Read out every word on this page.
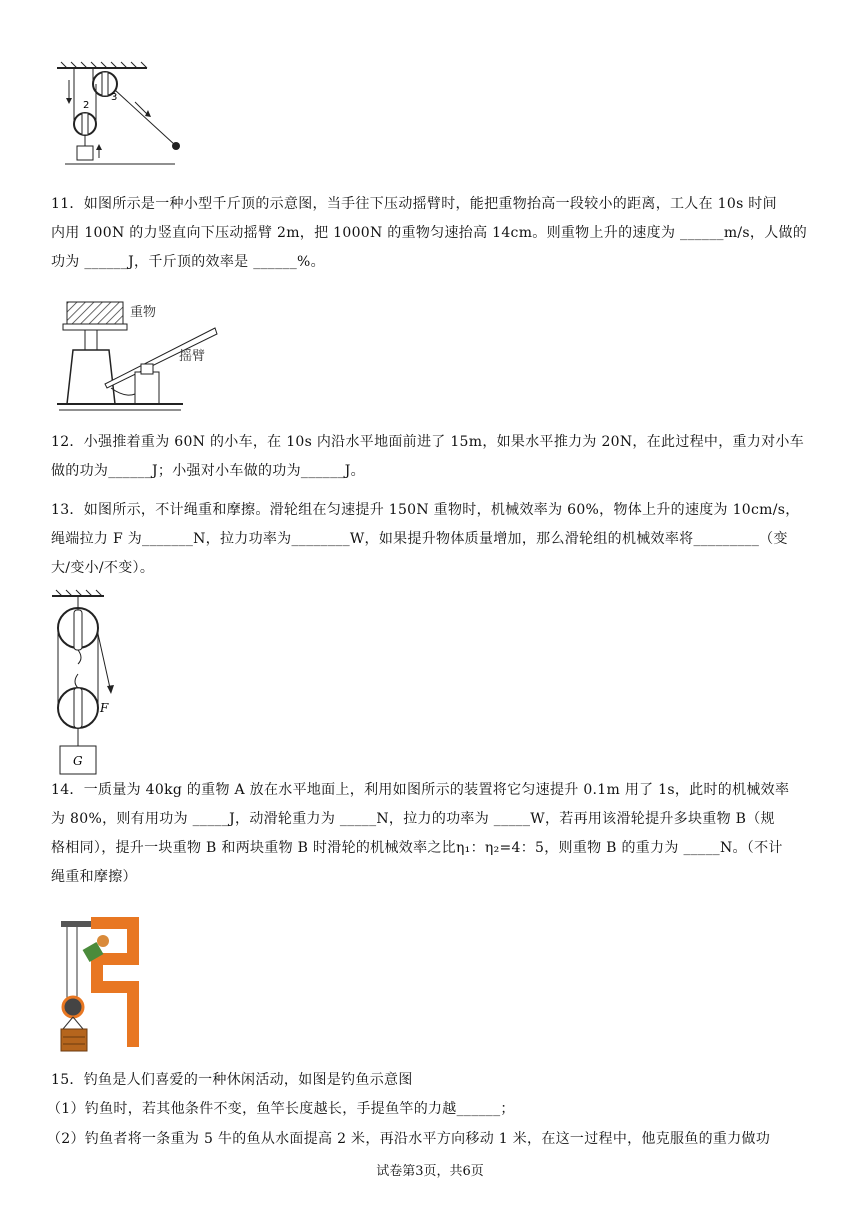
2
3
11．如图所示是一种小型千斤顶的示意图，当手往下压动摇臂时，能把重物抬高一段较小的距离，工人在 10s 时间
内用 100N 的力竖直向下压动摇臂 2m，把 1000N 的重物匀速抬高 14cm。则重物上升的速度为 ______m/s，人做的
功为 ______J，千斤顶的效率是 ______%。
重物
摇臂
12．小强推着重为 60N 的小车，在 10s 内沿水平地面前进了 15m，如果水平推力为 20N，在此过程中，重力对小车
做的功为______J；小强对小车做的功为______J。
13．如图所示，不计绳重和摩擦。滑轮组在匀速提升 150N 重物时，机械效率为 60%，物体上升的速度为 10cm/s，
绳端拉力 F 为_______N，拉力功率为________W，如果提升物体质量增加，那么滑轮组的机械效率将_________（变
大/变小/不变）。
F
G
14．一质量为 40kg 的重物 A 放在水平地面上，利用如图所示的装置将它匀速提升 0.1m 用了 1s，此时的机械效率
为 80%，则有用功为 _____J，动滑轮重力为 _____N，拉力的功率为 _____W，若再用该滑轮提升多块重物 B（规
格相同），提升一块重物 B 和两块重物 B 时滑轮的机械效率之比η₁：η₂=4：5，则重物 B 的重力为 _____N。（不计
绳重和摩擦）
15．钓鱼是人们喜爱的一种休闲活动，如图是钓鱼示意图
（1）钓鱼时，若其他条件不变，鱼竿长度越长，手提鱼竿的力越______；
（2）钓鱼者将一条重为 5 牛的鱼从水面提高 2 米，再沿水平方向移动 1 米，在这一过程中，他克服鱼的重力做功
试卷第3页，共6页
